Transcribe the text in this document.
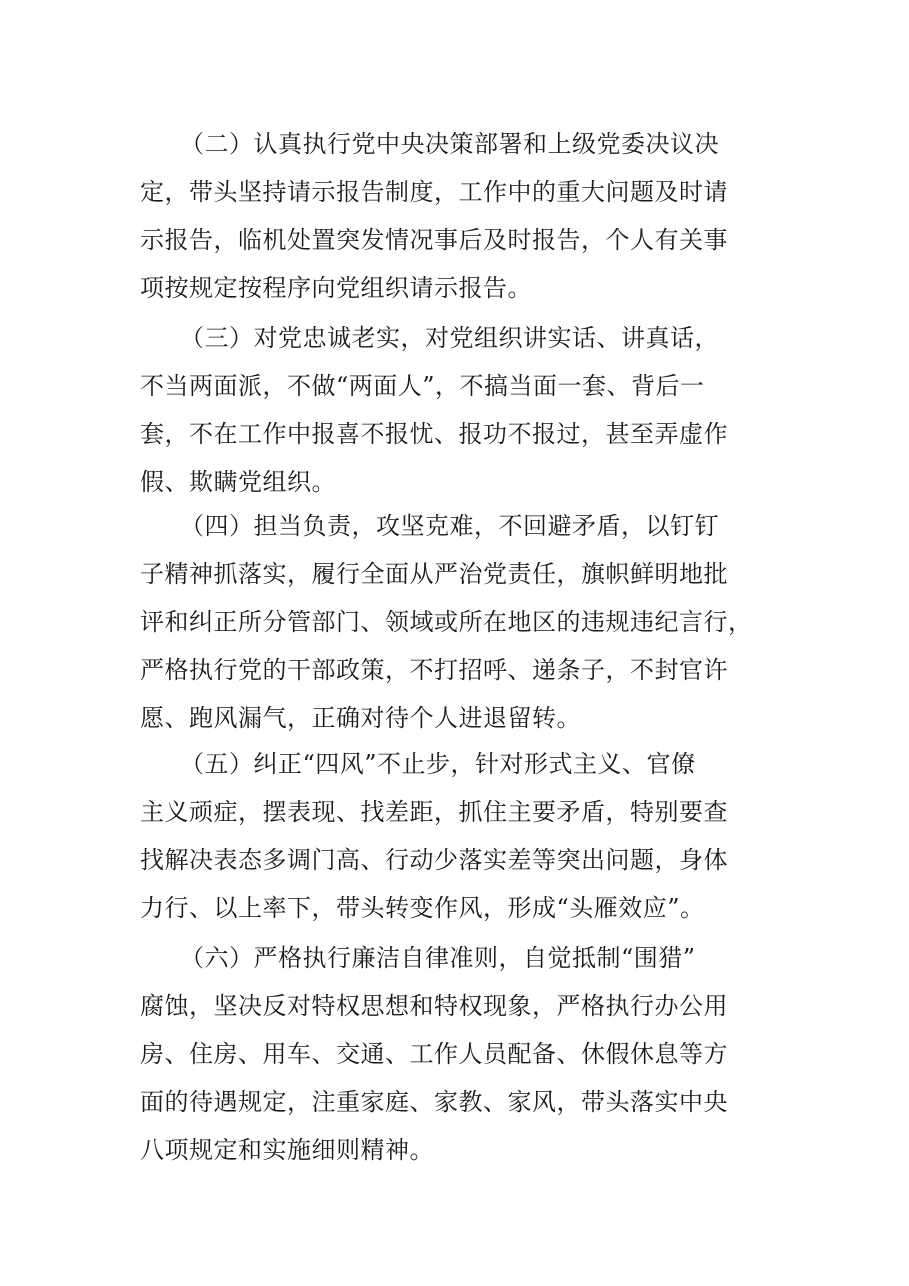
（二）认真执行党中央决策部署和上级党委决议决
定，带头坚持请示报告制度，工作中的重大问题及时请
示报告，临机处置突发情况事后及时报告，个人有关事
项按规定按程序向党组织请示报告。
（三）对党忠诚老实，对党组织讲实话、讲真话，
不当两面派，不做“两面人”，不搞当面一套、背后一
套，不在工作中报喜不报忧、报功不报过，甚至弄虚作
假、欺瞒党组织。
（四）担当负责，攻坚克难，不回避矛盾，以钉钉
子精神抓落实，履行全面从严治党责任，旗帜鲜明地批
评和纠正所分管部门、领域或所在地区的违规违纪言行，
严格执行党的干部政策，不打招呼、递条子，不封官许
愿、跑风漏气，正确对待个人进退留转。
（五）纠正“四风”不止步，针对形式主义、官僚
主义顽症，摆表现、找差距，抓住主要矛盾，特别要查
找解决表态多调门高、行动少落实差等突出问题，身体
力行、以上率下，带头转变作风，形成“头雁效应”。
（六）严格执行廉洁自律准则，自觉抵制“围猎”
腐蚀，坚决反对特权思想和特权现象，严格执行办公用
房、住房、用车、交通、工作人员配备、休假休息等方
面的待遇规定，注重家庭、家教、家风，带头落实中央
八项规定和实施细则精神。
